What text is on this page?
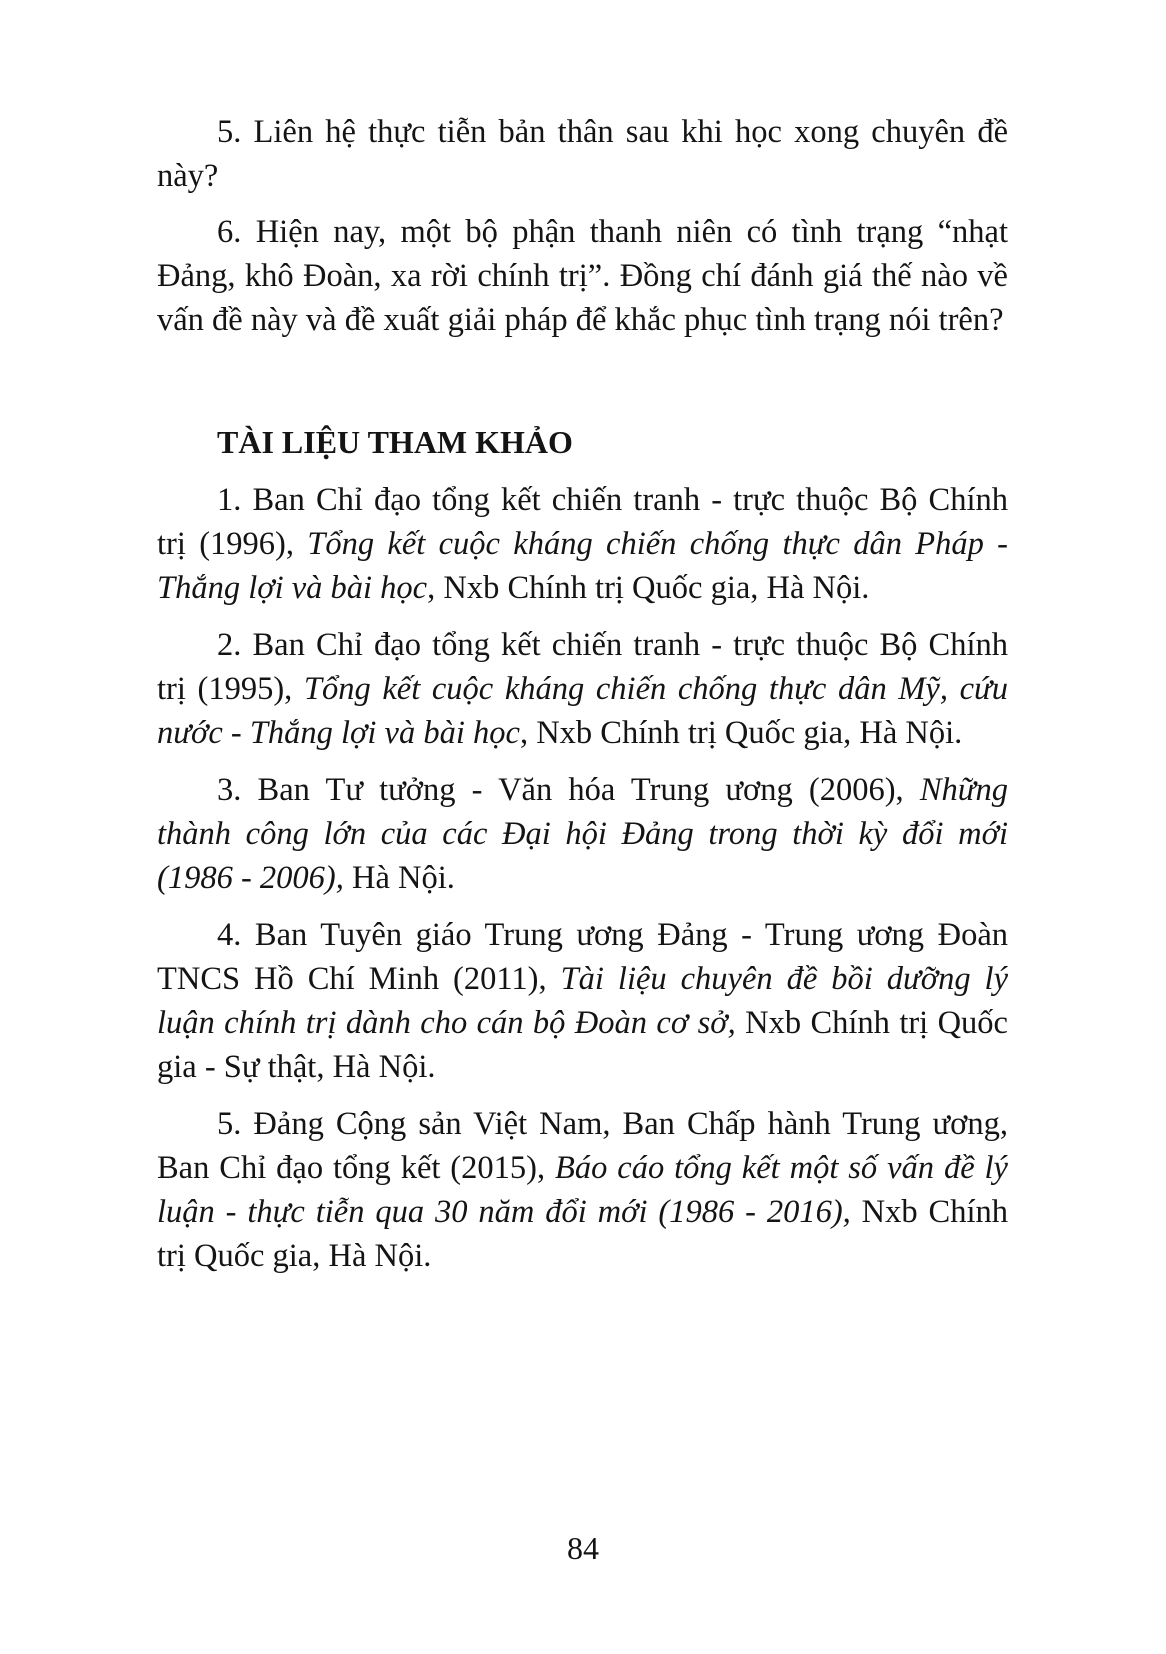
5. Liên hệ thực tiễn bản thân sau khi học xong chuyên đề này?

6. Hiện nay, một bộ phận thanh niên có tình trạng “nhạt Đảng, khô Đoàn, xa rời chính trị”. Đồng chí đánh giá thế nào về vấn đề này và đề xuất giải pháp để khắc phục tình trạng nói trên?

TÀI LIỆU THAM KHẢO

1. Ban Chỉ đạo tổng kết chiến tranh - trực thuộc Bộ Chính trị (1996), Tổng kết cuộc kháng chiến chống thực dân Pháp - Thắng lợi và bài học, Nxb Chính trị Quốc gia, Hà Nội.

2. Ban Chỉ đạo tổng kết chiến tranh - trực thuộc Bộ Chính trị (1995), Tổng kết cuộc kháng chiến chống thực dân Mỹ, cứu nước - Thắng lợi và bài học, Nxb Chính trị Quốc gia, Hà Nội.

3. Ban Tư tưởng - Văn hóa Trung ương (2006), Những thành công lớn của các Đại hội Đảng trong thời kỳ đổi mới (1986 - 2006), Hà Nội.

4. Ban Tuyên giáo Trung ương Đảng - Trung ương Đoàn TNCS Hồ Chí Minh (2011), Tài liệu chuyên đề bồi dưỡng lý luận chính trị dành cho cán bộ Đoàn cơ sở, Nxb Chính trị Quốc gia - Sự thật, Hà Nội.

5. Đảng Cộng sản Việt Nam, Ban Chấp hành Trung ương, Ban Chỉ đạo tổng kết (2015), Báo cáo tổng kết một số vấn đề lý luận - thực tiễn qua 30 năm đổi mới (1986 - 2016), Nxb Chính trị Quốc gia, Hà Nội.

84
